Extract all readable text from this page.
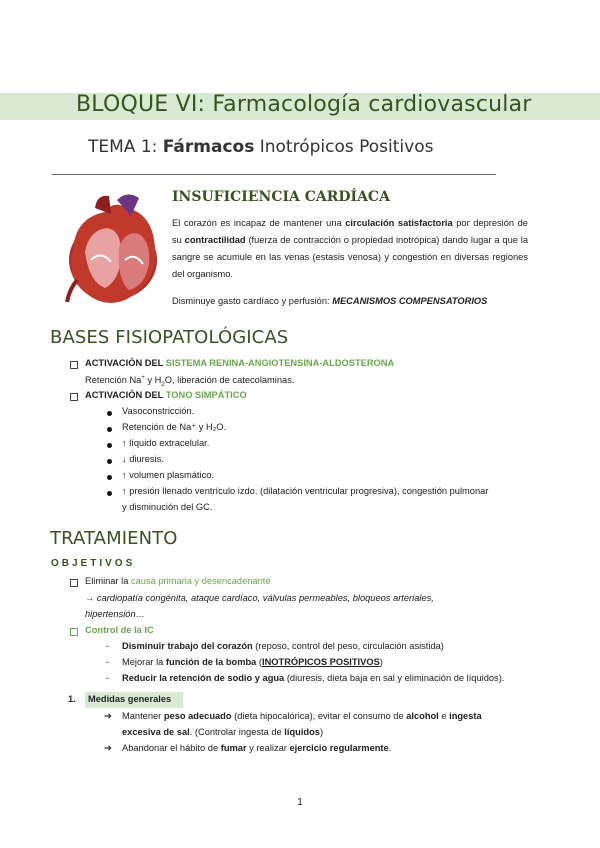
BLOQUE VI: Farmacología cardiovascular
TEMA 1: Fármacos Inotrópicos Positivos
INSUFICIENCIA CARDÍACA
El corazón es incapaz de mantener una circulación satisfactoria por depresión de su contractilidad (fuerza de contracción o propiedad inotrópica) dando lugar a que la sangre se acumule en las venas (estasis venosa) y congestión en diversas regiones del organismo.
Disminuye gasto cardíaco y perfusión: MECANISMOS COMPENSATORIOS
BASES FISIOPATOLÓGICAS
ACTIVACIÓN DEL SISTEMA RENINA-ANGIOTENSINA-ALDOSTERONA
Retención Na+ y $H_2O$, liberación de catecolaminas.
ACTIVACIÓN DEL TONO SIMPÁTICO
Vasoconstricción.
Retención de Na⁺ y H₂O.
↑ líquido extracelular.
↓ diuresis.
↑ volumen plasmático.
↑ presión llenado ventrículo izdo. (dilatación ventricular progresiva), congestión pulmonar
y disminución del GC.
TRATAMIENTO
OBJETIVOS
Eliminar la causa primaria y desencadenante
→ cardiopatía congénita, ataque cardíaco, válvulas permeables, bloqueos arteriales,
hipertensión…
Control de la IC
- Disminuir trabajo del corazón (reposo, control del peso, circulación asistida)
- Mejorar la función de la bomba (INOTRÓPICOS POSITIVOS)
- Reducir la retención de sodio y agua (diuresis, dieta baja en sal y eliminación de líquidos).
1. Medidas generales
➔ Mantener peso adecuado (dieta hipocalórica), evitar el consumo de alcohol e ingesta
excesiva de sal. (Controlar ingesta de líquidos)
➔ Abandonar el hábito de fumar y realizar ejercicio regularmente.
1
